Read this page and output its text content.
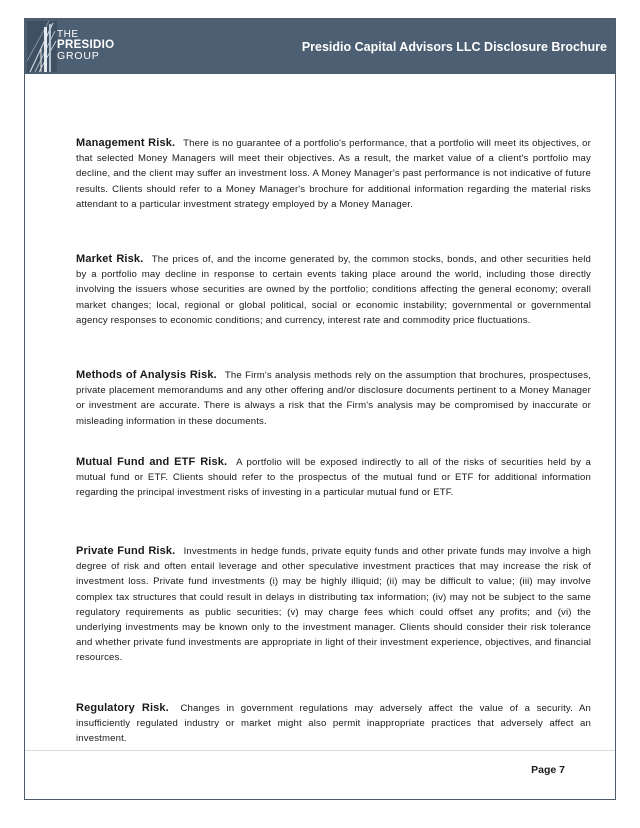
THE
PRESIDIO
GROUP
Presidio Capital Advisors LLC Disclosure Brochure

Management Risk. There is no guarantee of a portfolio's performance, that a portfolio will meet its objectives, or that selected Money Managers will meet their objectives. As a result, the market value of a client's portfolio may decline, and the client may suffer an investment loss. A Money Manager's past performance is not indicative of future results. Clients should refer to a Money Manager's brochure for additional information regarding the material risks attendant to a particular investment strategy employed by a Money Manager.

Market Risk. The prices of, and the income generated by, the common stocks, bonds, and other securities held by a portfolio may decline in response to certain events taking place around the world, including those directly involving the issuers whose securities are owned by the portfolio; conditions affecting the general economy; overall market changes; local, regional or global political, social or economic instability; governmental or governmental agency responses to economic conditions; and currency, interest rate and commodity price fluctuations.

Methods of Analysis Risk. The Firm's analysis methods rely on the assumption that brochures, prospectuses, private placement memorandums and any other offering and/or disclosure documents pertinent to a Money Manager or investment are accurate. There is always a risk that the Firm's analysis may be compromised by inaccurate or misleading information in these documents.

Mutual Fund and ETF Risk. A portfolio will be exposed indirectly to all of the risks of securities held by a mutual fund or ETF. Clients should refer to the prospectus of the mutual fund or ETF for additional information regarding the principal investment risks of investing in a particular mutual fund or ETF.

Private Fund Risk. Investments in hedge funds, private equity funds and other private funds may involve a high degree of risk and often entail leverage and other speculative investment practices that may increase the risk of investment loss. Private fund investments (i) may be highly illiquid; (ii) may be difficult to value; (iii) may involve complex tax structures that could result in delays in distributing tax information; (iv) may not be subject to the same regulatory requirements as public securities; (v) may charge fees which could offset any profits; and (vi) the underlying investments may be known only to the investment manager. Clients should consider their risk tolerance and whether private fund investments are appropriate in light of their investment experience, objectives, and financial resources.

Regulatory Risk. Changes in government regulations may adversely affect the value of a security. An insufficiently regulated industry or market might also permit inappropriate practices that adversely affect an investment.

Page 7
